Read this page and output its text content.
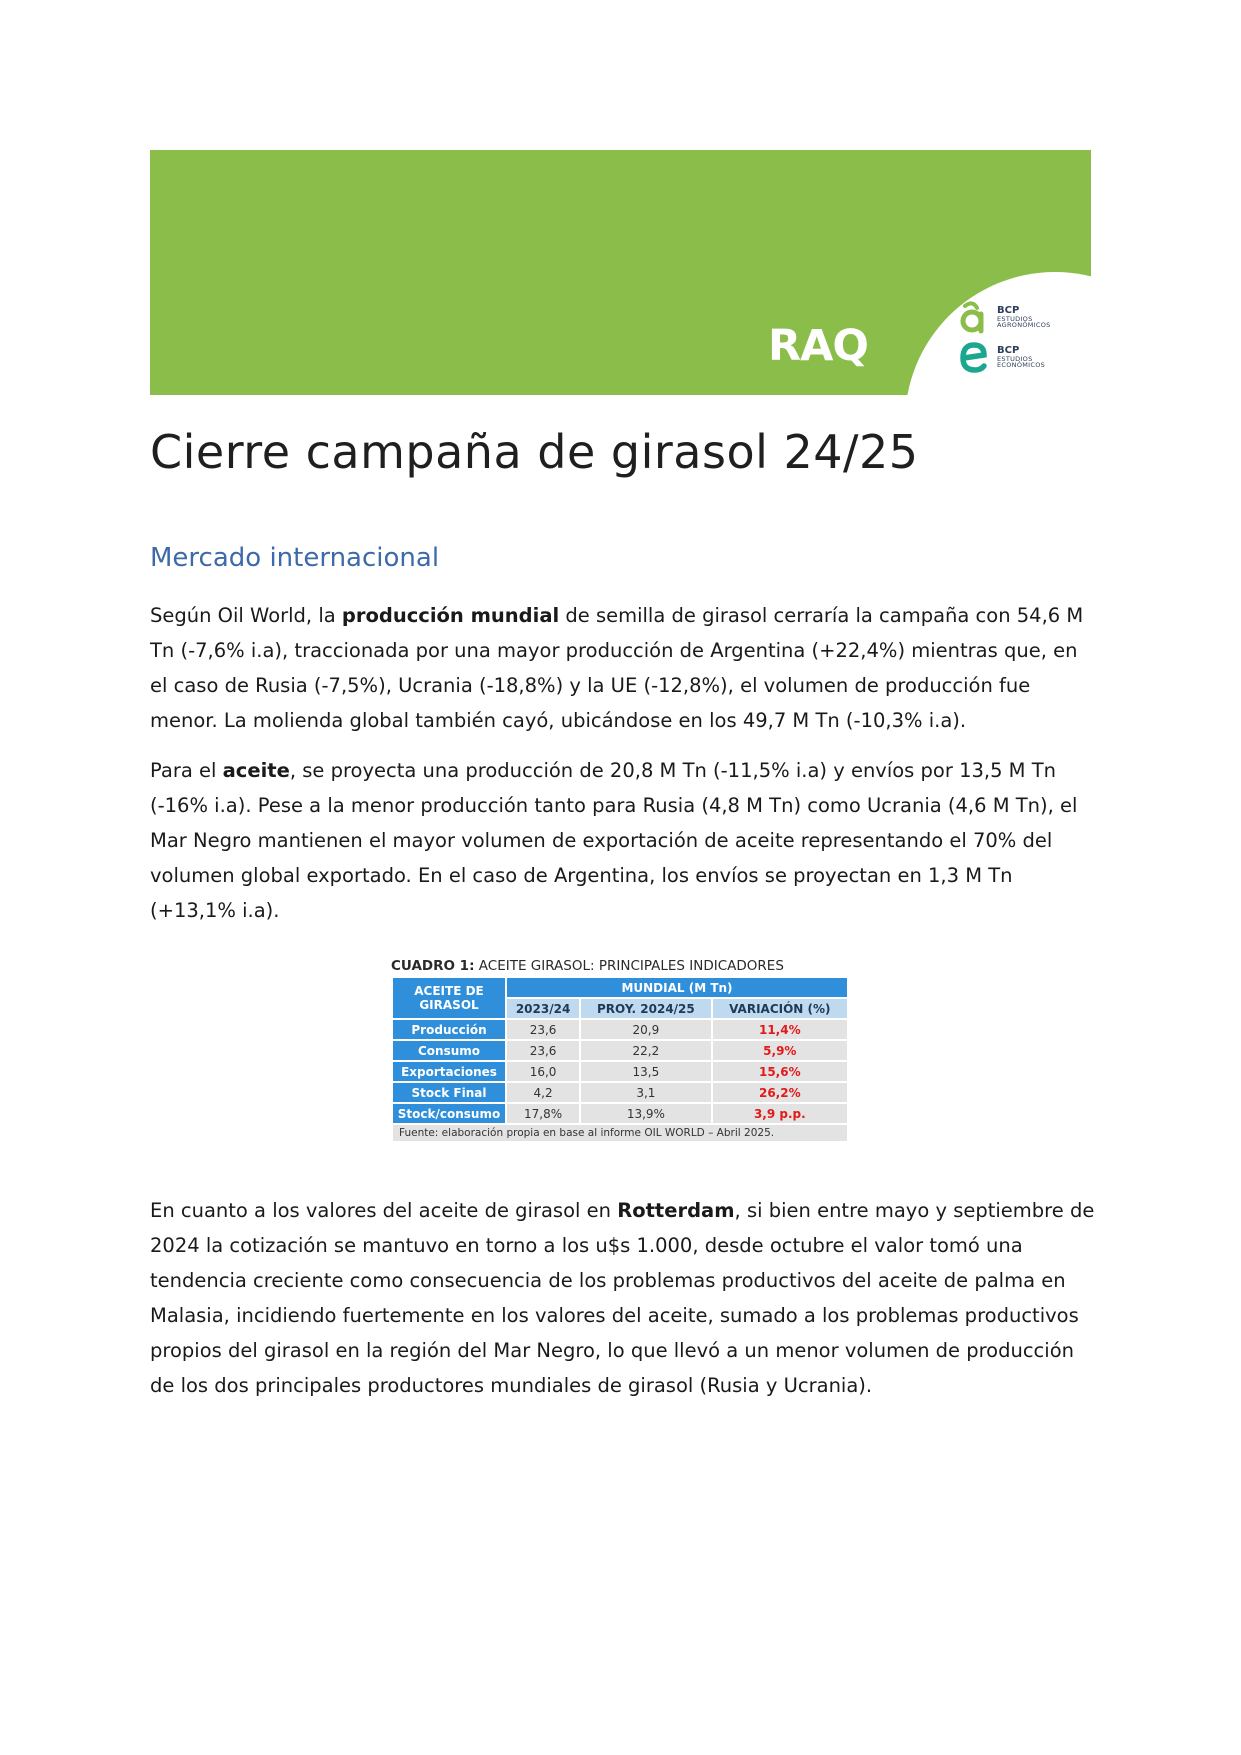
RAQ
BCP
ESTUDIOS
AGRONÓMICOS
BCP
ESTUDIOS
ECONÓMICOS
Cierre campaña de girasol 24/25
Mercado internacional

Según Oil World, la producción mundial de semilla de girasol cerraría la campaña con 54,6 M Tn (-7,6% i.a), traccionada por una mayor producción de Argentina (+22,4%) mientras que, en el caso de Rusia (-7,5%), Ucrania (-18,8%) y la UE (-12,8%), el volumen de producción fue menor. La molienda global también cayó, ubicándose en los 49,7 M Tn (-10,3% i.a).

Para el aceite, se proyecta una producción de 20,8 M Tn (-11,5% i.a) y envíos por 13,5 M Tn (-16% i.a). Pese a la menor producción tanto para Rusia (4,8 M Tn) como Ucrania (4,6 M Tn), el Mar Negro mantienen el mayor volumen de exportación de aceite representando el 70% del volumen global exportado. En el caso de Argentina, los envíos se proyectan en 1,3 M Tn (+13,1% i.a).

CUADRO 1: ACEITE GIRASOL: PRINCIPALES INDICADORES
ACEITE DE GIRASOL	MUNDIAL (M Tn)		
	2023/24	PROY. 2024/25	VARIACIÓN (%)
Producción	23,6	20,9	11,4%
Consumo	23,6	22,2	5,9%
Exportaciones	16,0	13,5	15,6%
Stock Final	4,2	3,1	26,2%
Stock/consumo	17,8%	13,9%	3,9 p.p.
Fuente: elaboración propia en base al informe OIL WORLD – Abril 2025.

En cuanto a los valores del aceite de girasol en Rotterdam, si bien entre mayo y septiembre de 2024 la cotización se mantuvo en torno a los u$s 1.000, desde octubre el valor tomó una tendencia creciente como consecuencia de los problemas productivos del aceite de palma en Malasia, incidiendo fuertemente en los valores del aceite, sumado a los problemas productivos propios del girasol en la región del Mar Negro, lo que llevó a un menor volumen de producción de los dos principales productores mundiales de girasol (Rusia y Ucrania).
